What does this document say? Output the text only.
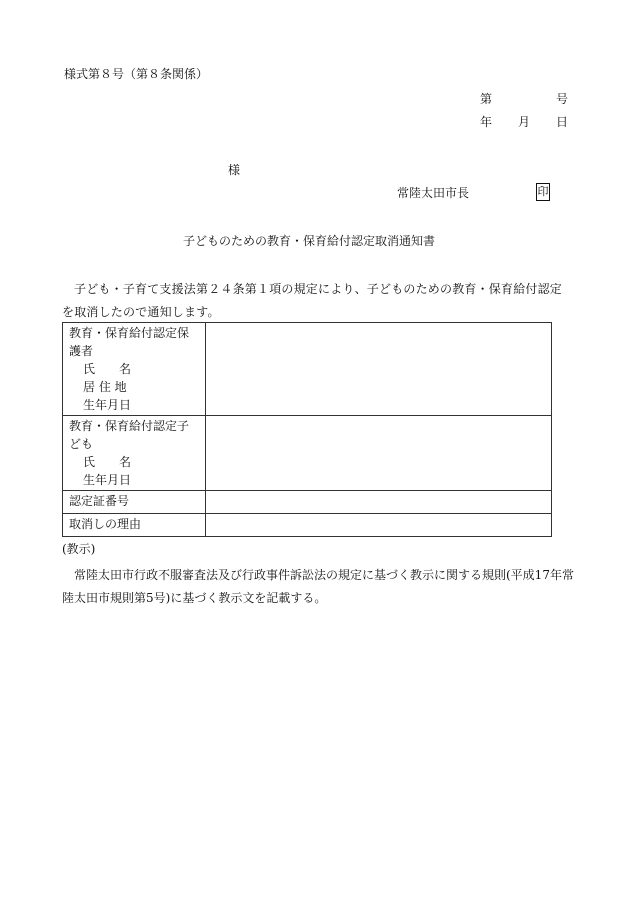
様式第８号（第８条関係）
第	号
年 月 日
様
常陸太田市長	印
子どものための教育・保育給付認定取消通知書
子ども・子育て支援法第２４条第１項の規定により、子どものための教育・保育給付認定を取消したので通知します。
教育・保育給付認定保護者
氏　　名
居 住 地
生年月日	

教育・保育給付認定子ども
氏　　名
生年月日	

認定証番号	
取消しの理由	
(教示)
常陸太田市行政不服審査法及び行政事件訴訟法の規定に基づく教示に関する規則(平成17年常陸太田市規則第5号)に基づく教示文を記載する。
